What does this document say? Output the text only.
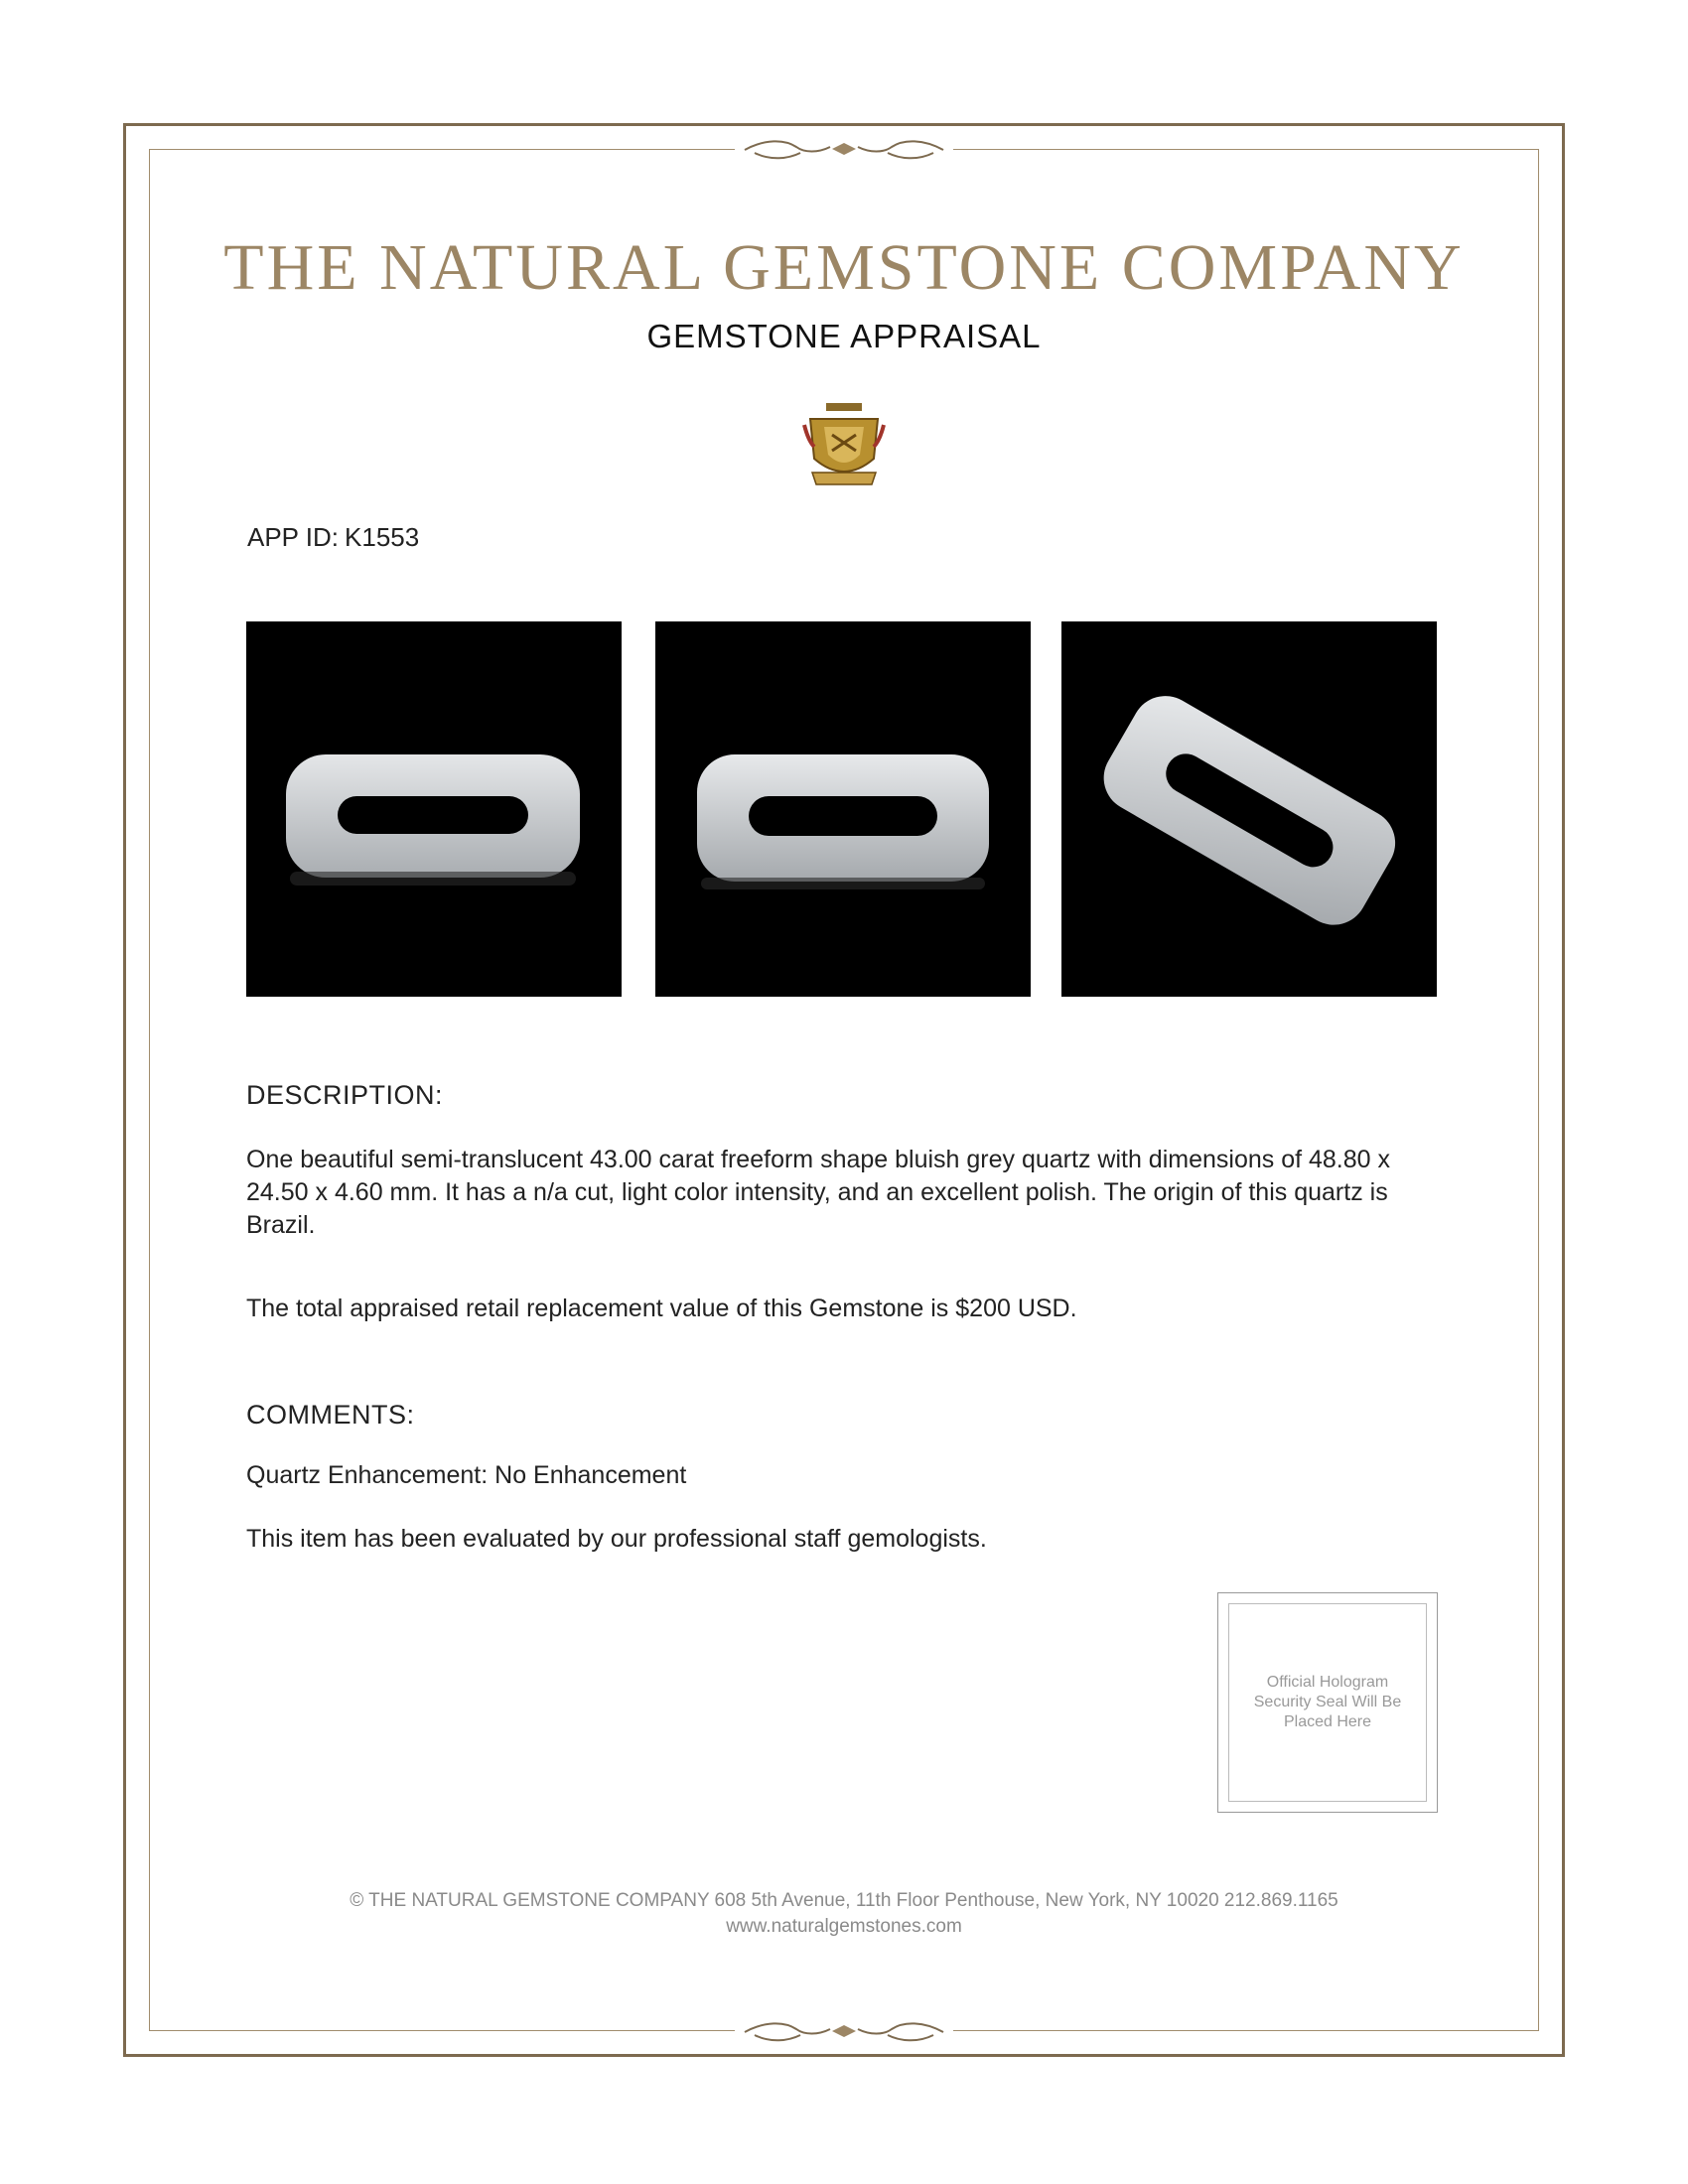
THE NATURAL GEMSTONE COMPANY
GEMSTONE APPRAISAL
APP ID: K1553
DESCRIPTION:
One beautiful semi-translucent 43.00 carat freeform shape bluish grey quartz with dimensions of 48.80 x 24.50 x 4.60 mm. It has a n/a cut, light color intensity, and an excellent polish. The origin of this quartz is Brazil.
The total appraised retail replacement value of this Gemstone is $200 USD.
COMMENTS:
Quartz Enhancement: No Enhancement
This item has been evaluated by our professional staff gemologists.
Official Hologram Security Seal Will Be Placed Here
© THE NATURAL GEMSTONE COMPANY 608 5th Avenue, 11th Floor Penthouse, New York, NY 10020 212.869.1165
www.naturalgemstones.com
